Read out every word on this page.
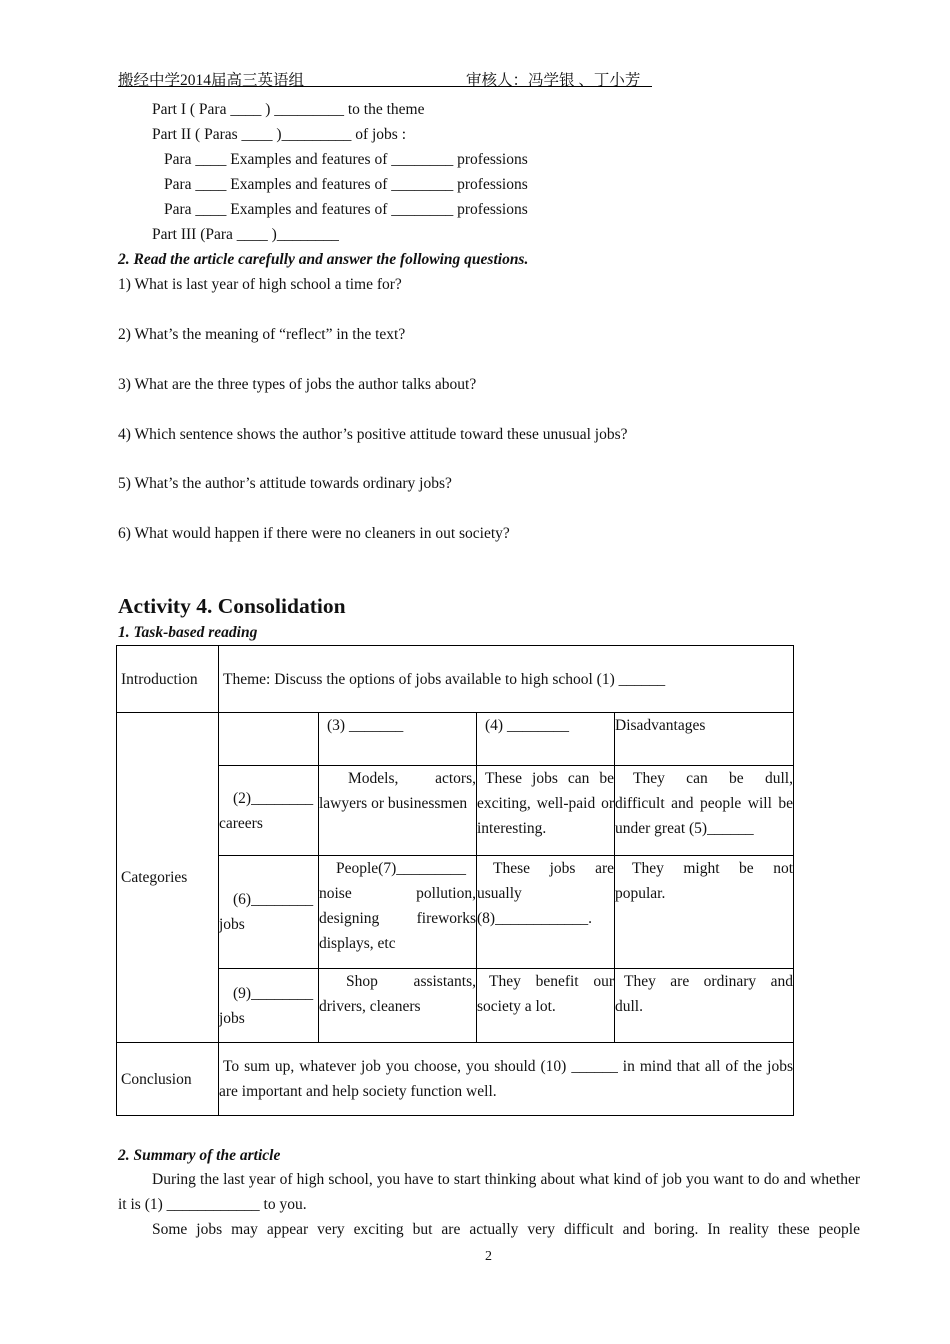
搬经中学2014届高三英语组	审核人：冯学银 、丁小芳
Part I ( Para ____ ) _________ to the theme
Part II ( Paras ____ )_________ of jobs :
Para ____ Examples and features of ________ professions
Para ____ Examples and features of ________ professions
Para ____ Examples and features of ________ professions
Part III (Para ____ )________
2. Read the article carefully and answer the following questions.
1) What is last year of high school a time for?
2) What’s the meaning of “reflect” in the text?
3) What are the three types of jobs the author talks about?
4) Which sentence shows the author’s positive attitude toward these unusual jobs?
5) What’s the author’s attitude towards ordinary jobs?
6) What would happen if there were no cleaners in out society?
Activity 4. Consolidation
1. Task-based reading
Introduction	Theme: Discuss the options of jobs available to high school (1) ______			
Categories		(3) _______	(4) ________	Disadvantages
	(2)________ careers	Models, actors, lawyers or businessmen	These jobs can be exciting, well-paid or interesting.	They can be dull, difficult and people will be under great (5)______
	(6)________ jobs	People(7)_________ noise pollution, designing fireworks displays, etc	These jobs are usually (8)____________.	They might be not popular.
	(9)________ jobs	Shop assistants, drivers, cleaners	They benefit our society a lot.	They are ordinary and dull.
Conclusion	To sum up, whatever job you choose, you should (10) ______ in mind that all of the jobs are important and help society function well.			
2. Summary of the article
During the last year of high school, you have to start thinking about what kind of job you want to do and whether it is (1) ____________ to you.
Some jobs may appear very exciting but are actually very difficult and boring. In reality these people
2
